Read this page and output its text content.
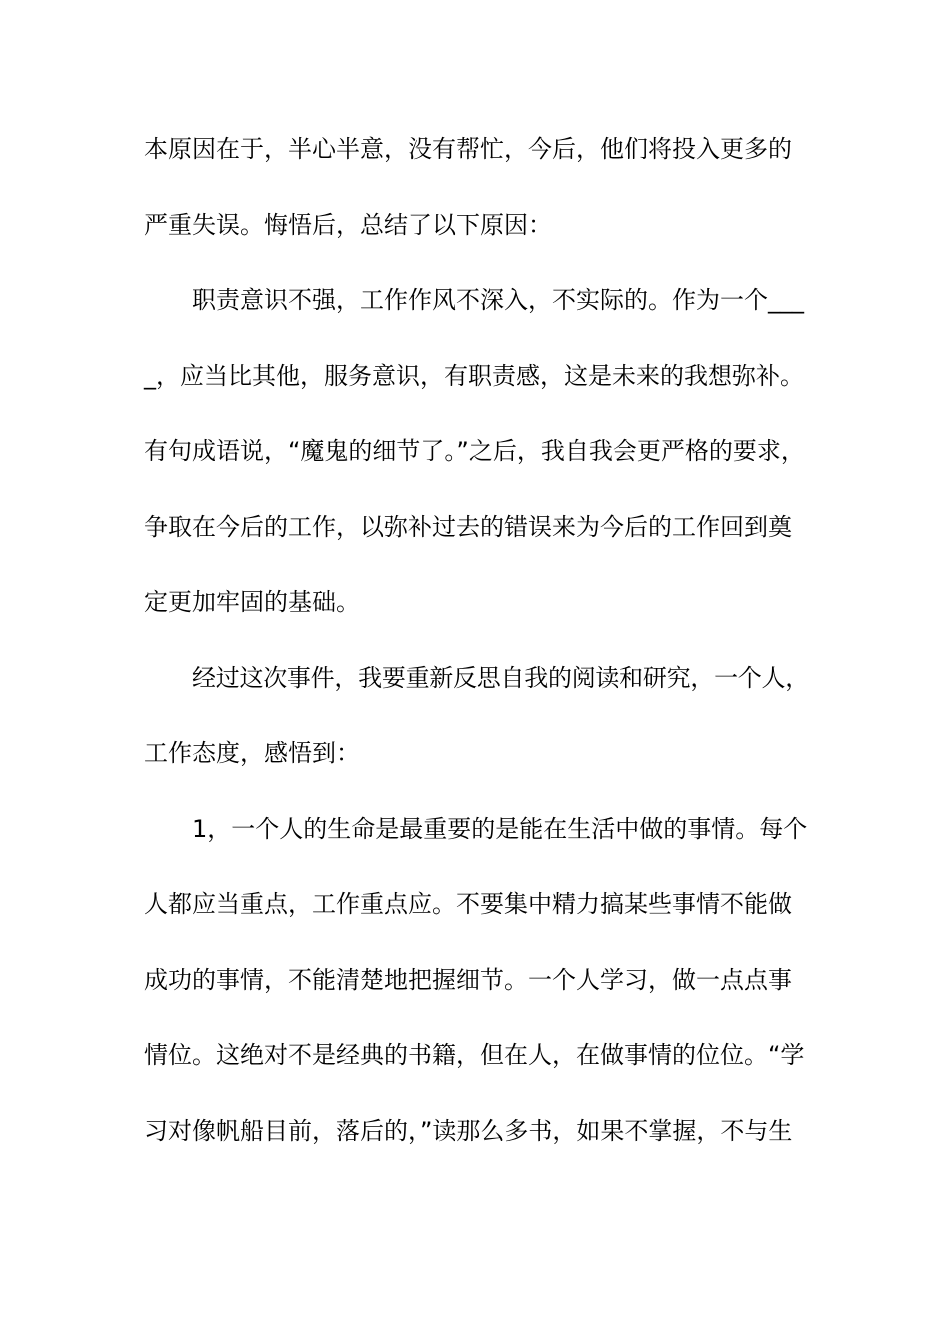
本原因在于，半心半意，没有帮忙，今后，他们将投入更多的
严重失误。悔悟后，总结了以下原因：
职责意识不强，工作作风不深入，不实际的。作为一个___
_，应当比其他，服务意识，有职责感，这是未来的我想弥补。
有句成语说，“魔鬼的细节了。”之后，我自我会更严格的要求，
争取在今后的工作，以弥补过去的错误来为今后的工作回到奠
定更加牢固的基础。
经过这次事件，我要重新反思自我的阅读和研究，一个人，
工作态度，感悟到：
1，一个人的生命是最重要的是能在生活中做的事情。每个
人都应当重点，工作重点应。不要集中精力搞某些事情不能做
成功的事情，不能清楚地把握细节。一个人学习，做一点点事
情位。这绝对不是经典的书籍，但在人，在做事情的位位。“学
习对像帆船目前，落后的，”读那么多书，如果不掌握，不与生
